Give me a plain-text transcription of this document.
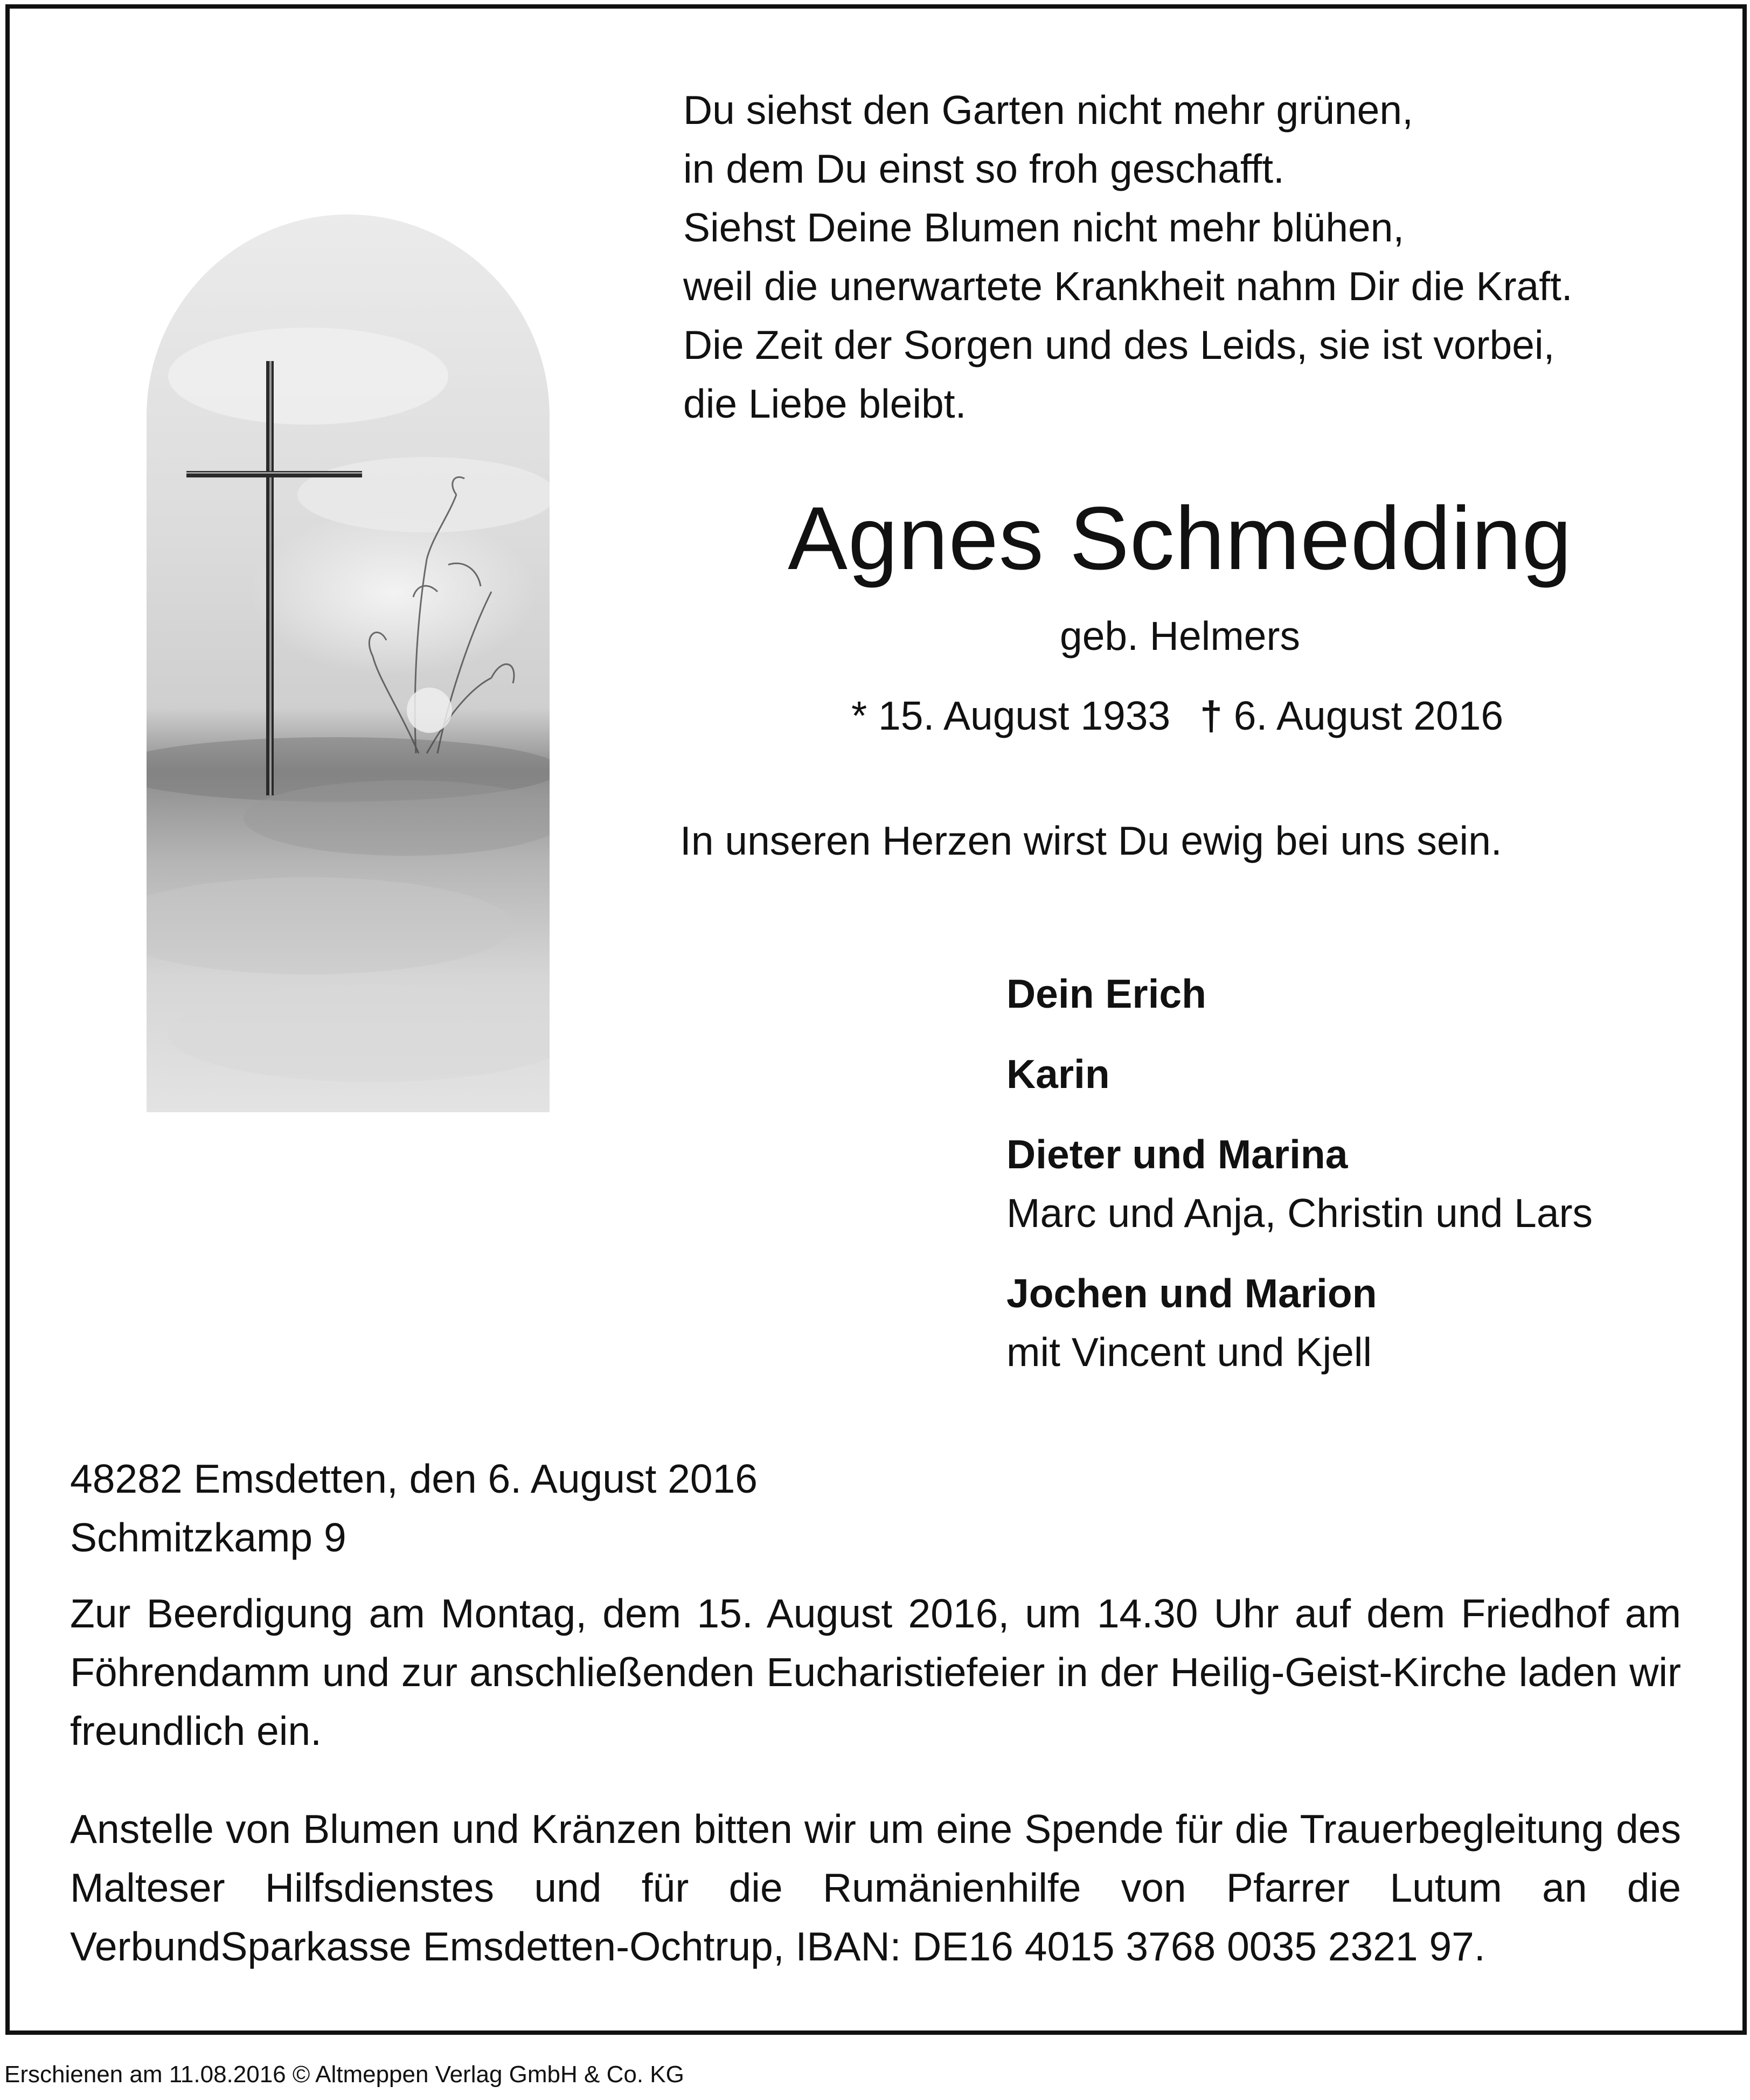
Du siehst den Garten nicht mehr grünen,
in dem Du einst so froh geschafft.
Siehst Deine Blumen nicht mehr blühen,
weil die unerwartete Krankheit nahm Dir die Kraft.
Die Zeit der Sorgen und des Leids, sie ist vorbei,
die Liebe bleibt.
Agnes Schmedding
geb. Helmers
* 15. August 1933 † 6. August 2016
In unseren Herzen wirst Du ewig bei uns sein.
Dein Erich
Karin
Dieter und Marina
Marc und Anja, Christin und Lars
Jochen und Marion
mit Vincent und Kjell
48282 Emsdetten, den 6. August 2016
Schmitzkamp 9
Zur Beerdigung am Montag, dem 15. August 2016, um 14.30 Uhr auf dem Friedhof am Föhrendamm und zur anschließenden Eucharistiefeier in der Heilig-Geist-Kirche laden wir freundlich ein.
Anstelle von Blumen und Kränzen bitten wir um eine Spende für die Trauerbegleitung des Malteser Hilfsdienstes und für die Rumänienhilfe von Pfarrer Lutum an die VerbundSparkasse Emsdetten-Ochtrup, IBAN: DE16 4015 3768 0035 2321 97.
Erschienen am 11.08.2016 © Altmeppen Verlag GmbH & Co. KG
